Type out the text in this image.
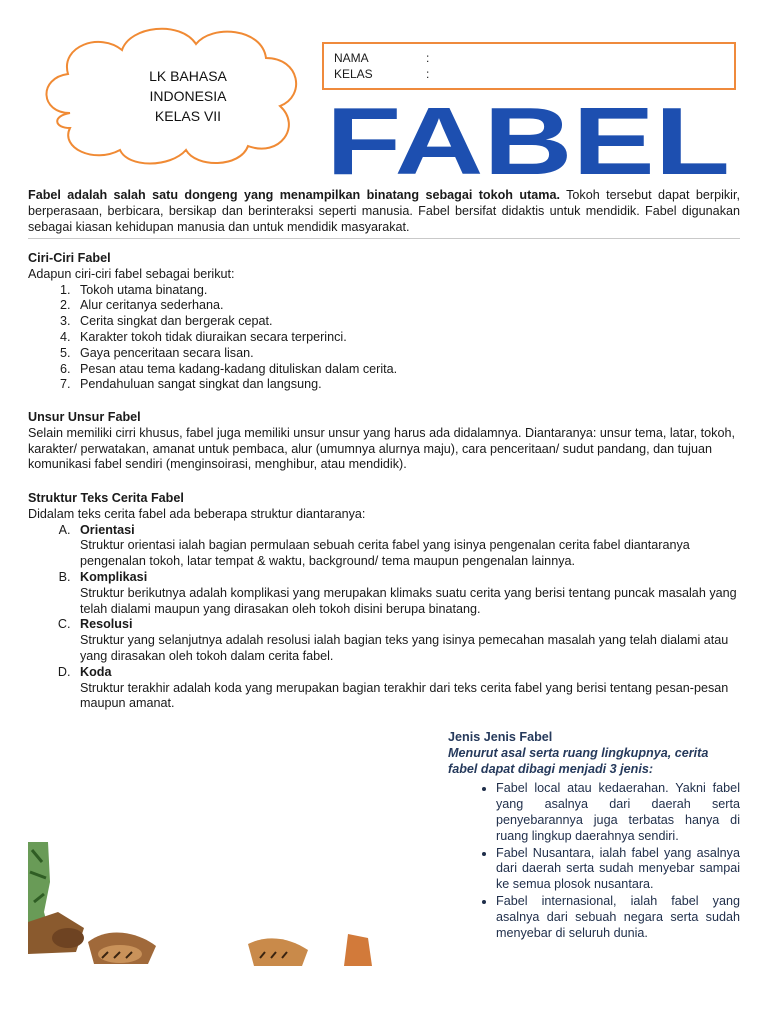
LK BAHASA
INDONESIA
KELAS VII
NAMA	:
KELAS	:
FABEL
Fabel adalah salah satu dongeng yang menampilkan binatang sebagai tokoh utama. Tokoh tersebut dapat berpikir, berperasaan, berbicara, bersikap dan berinteraksi seperti manusia. Fabel bersifat didaktis untuk mendidik. Fabel digunakan sebagai kiasan kehidupan manusia dan untuk mendidik masyarakat.
Ciri-Ciri Fabel
Adapun ciri-ciri fabel sebagai berikut:
1. Tokoh utama binatang.
2. Alur ceritanya sederhana.
3. Cerita singkat dan bergerak cepat.
4. Karakter tokoh tidak diuraikan secara terperinci.
5. Gaya penceritaan secara lisan.
6. Pesan atau tema kadang-kadang dituliskan dalam cerita.
7. Pendahuluan sangat singkat dan langsung.
Unsur Unsur Fabel
Selain memiliki cirri khusus, fabel juga memiliki unsur unsur yang harus ada didalamnya. Diantaranya: unsur tema, latar, tokoh, karakter/ perwatakan, amanat untuk pembaca, alur (umumnya alurnya maju), cara penceritaan/ sudut pandang, dan tujuan komunikasi fabel sendiri (menginsoirasi, menghibur, atau mendidik).
Struktur Teks Cerita Fabel
Didalam teks cerita fabel ada beberapa struktur diantaranya:
A. Orientasi
Struktur orientasi ialah bagian permulaan sebuah cerita fabel yang isinya pengenalan cerita fabel diantaranya pengenalan tokoh, latar tempat & waktu, background/ tema maupun pengenalan lainnya.
B. Komplikasi
Struktur berikutnya adalah komplikasi yang merupakan klimaks suatu cerita yang berisi tentang puncak masalah yang telah dialami maupun yang dirasakan oleh tokoh disini berupa binatang.
C. Resolusi
Struktur yang selanjutnya adalah resolusi ialah bagian teks yang isinya pemecahan masalah yang telah dialami atau yang dirasakan oleh tokoh dalam cerita fabel.
D. Koda
Struktur terakhir adalah koda yang merupakan bagian terakhir dari teks cerita fabel yang berisi tentang pesan-pesan maupun amanat.
Jenis Jenis Fabel
Menurut asal serta ruang lingkupnya, cerita fabel dapat dibagi menjadi 3 jenis:
• Fabel local atau kedaerahan. Yakni fabel yang asalnya dari daerah serta penyebarannya juga terbatas hanya di ruang lingkup daerahnya sendiri.
• Fabel Nusantara, ialah fabel yang asalnya dari daerah serta sudah menyebar sampai ke semua plosok nusantara.
• Fabel internasional, ialah fabel yang asalnya dari sebuah negara serta sudah menyebar di seluruh dunia.
